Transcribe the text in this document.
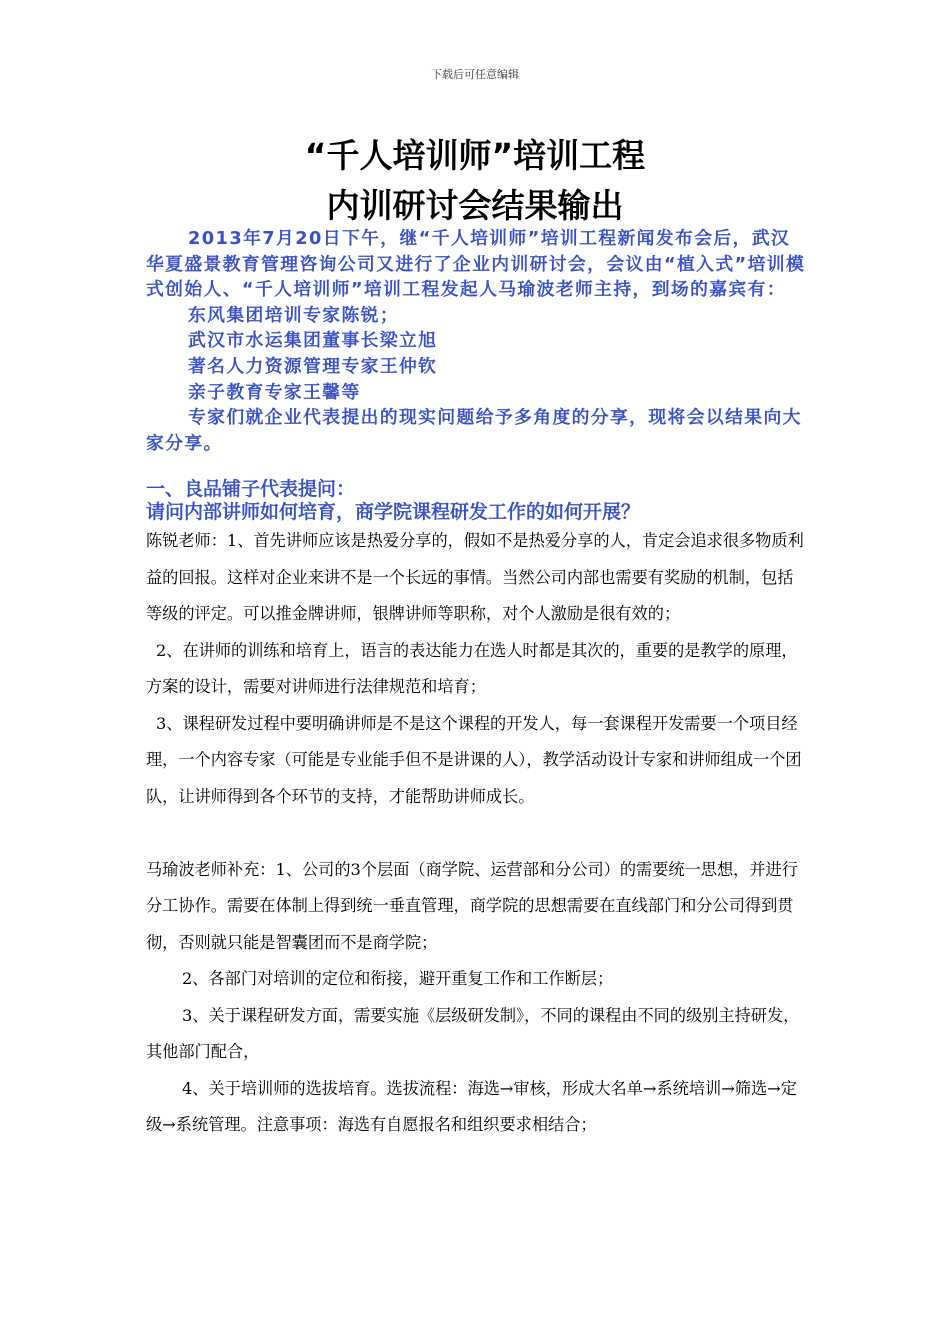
下载后可任意编辑
“千人培训师”培训工程
内训研讨会结果输出

2013年7月20日下午，继“千人培训师”培训工程新闻发布会后，武汉华夏盛景教育管理咨询公司又进行了企业内训研讨会，会议由“植入式”培训模式创始人、“千人培训师”培训工程发起人马瑜波老师主持，到场的嘉宾有：

东风集团培训专家陈锐；

武汉市水运集团董事长梁立旭

著名人力资源管理专家王仲钦

亲子教育专家王馨等

专家们就企业代表提出的现实问题给予多角度的分享，现将会以结果向大家分享。

一、良品铺子代表提问：
请问内部讲师如何培育，商学院课程研发工作的如何开展？

陈锐老师：1、首先讲师应该是热爱分享的，假如不是热爱分享的人，肯定会追求很多物质利益的回报。这样对企业来讲不是一个长远的事情。当然公司内部也需要有奖励的机制，包括等级的评定。可以推金牌讲师，银牌讲师等职称，对个人激励是很有效的；

2、在讲师的训练和培育上，语言的表达能力在选人时都是其次的，重要的是教学的原理，方案的设计，需要对讲师进行法律规范和培育；

3、课程研发过程中要明确讲师是不是这个课程的开发人，每一套课程开发需要一个项目经理，一个内容专家（可能是专业能手但不是讲课的人），教学活动设计专家和讲师组成一个团队，让讲师得到各个环节的支持，才能帮助讲师成长。

马瑜波老师补充：1、公司的3个层面（商学院、运营部和分公司）的需要统一思想，并进行分工协作。需要在体制上得到统一垂直管理，商学院的思想需要在直线部门和分公司得到贯彻，否则就只能是智囊团而不是商学院；

2、各部门对培训的定位和衔接，避开重复工作和工作断层；

3、关于课程研发方面，需要实施《层级研发制》，不同的课程由不同的级别主持研发，其他部门配合，

4、关于培训师的选拔培育。选拔流程：海选→审核，形成大名单→系统培训→筛选→定级→系统管理。注意事项：海选有自愿报名和组织要求相结合；
